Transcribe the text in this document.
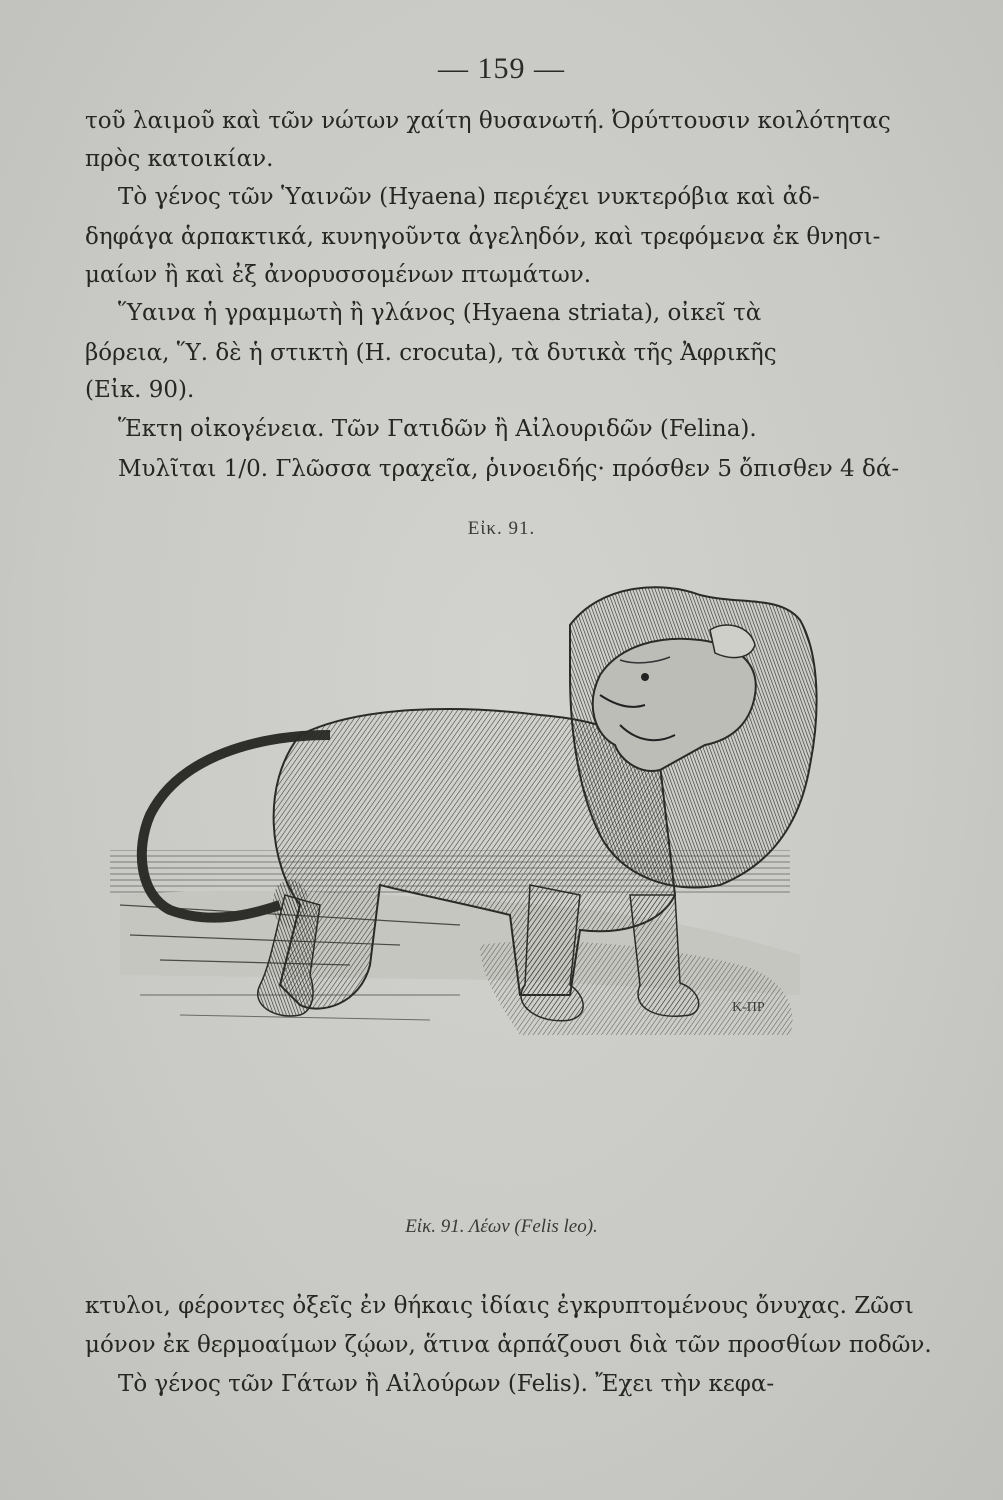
— 159 —
τοῦ λαιμοῦ καὶ τῶν νώτων χαίτη θυσανωτή. Ὀρύττουσιν κοιλότητας
πρὸς κατοικίαν.
Τὸ γένος τῶν Ὑαινῶν (Hyaena) περιέχει νυκτερόβια καὶ ἀδ-
δηφάγα ἁρπακτικά, κυνηγοῦντα ἀγεληδόν, καὶ τρεφόμενα ἐκ θνησι-
μαίων ἢ καὶ ἐξ ἀνορυσσομένων πτωμάτων.
Ὕαινα ἡ γραμμωτὴ ἢ γλάνος (Hyaena striata), οἰκεῖ τὰ
βόρεια, Ὕ. δὲ ἡ στικτὴ (H. crocuta), τὰ δυτικὰ τῆς Ἀφρικῆς
(Εἰκ. 90).
Ἕκτη οἰκογένεια. Τῶν Γατιδῶν ἢ Αἰλουριδῶν (Felina).
Μυλῖται 1/0. Γλῶσσα τραχεῖα, ῥινοειδής· πρόσθεν 5 ὄπισθεν 4 δά-
Εἰκ. 91.
K-ΠP
Εἰκ. 91. Λέων (Felis leo).
κτυλοι, φέροντες ὀξεῖς ἐν θήκαις ἰδίαις ἐγκρυπτομένους ὄνυχας. Ζῶσι
μόνον ἐκ θερμοαίμων ζῴων, ἅτινα ἁρπάζουσι διὰ τῶν προσθίων ποδῶν.
Τὸ γένος τῶν Γάτων ἢ Αἰλούρων (Felis). Ἔχει τὴν κεφα-
